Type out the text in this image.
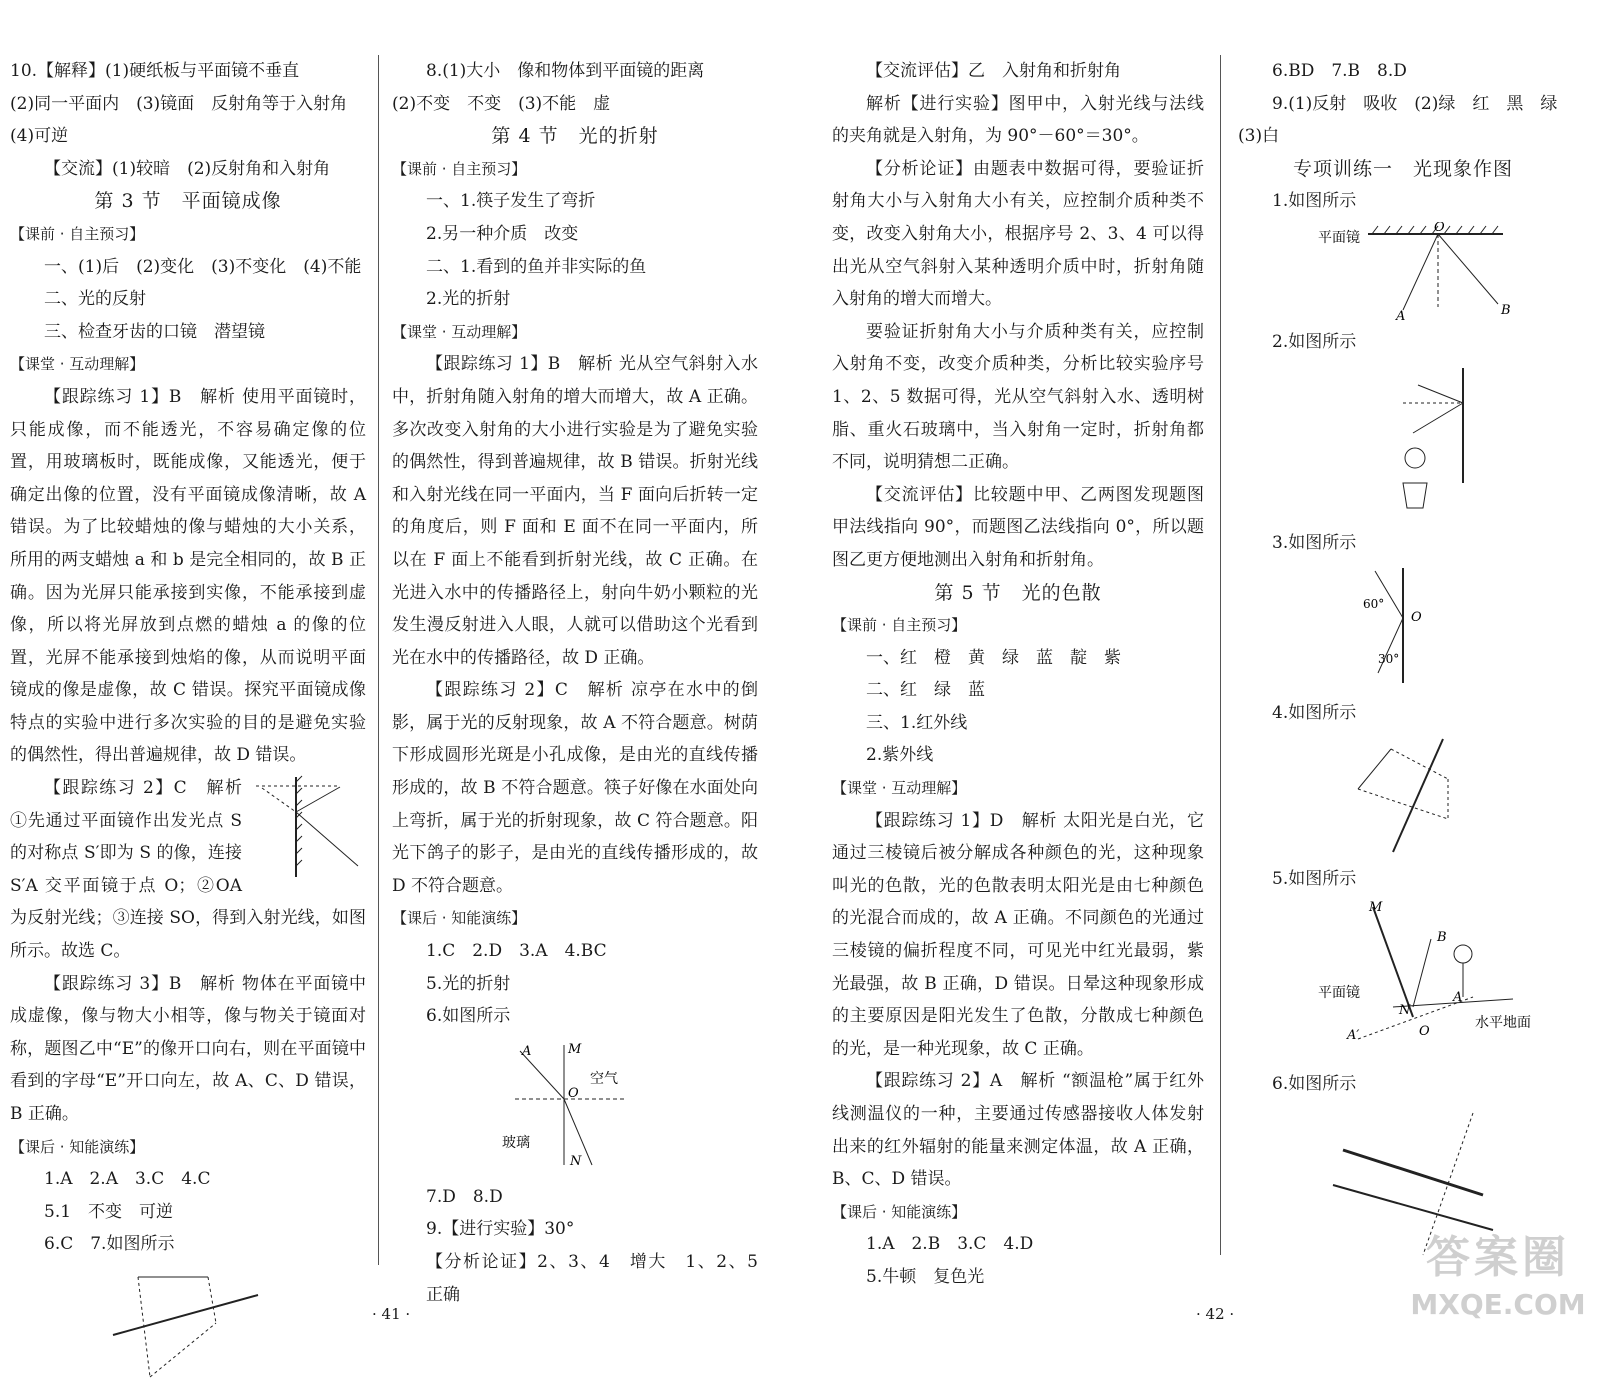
10.【解释】(1)硬纸板与平面镜不垂直

(2)同一平面内　(3)镜面　反射角等于入射角

(4)可逆

【交流】(1)较暗　(2)反射角和入射角

第 3 节　平面镜成像

【课前 · 自主预习】

一、(1)后　(2)变化　(3)不变化　(4)不能

二、光的反射

三、检查牙齿的口镜　潜望镜

【课堂 · 互动理解】

【跟踪练习 1】B　解析 使用平面镜时，只能成像，而不能透光，不容易确定像的位置，用玻璃板时，既能成像，又能透光，便于确定出像的位置，没有平面镜成像清晰，故 A 错误。为了比较蜡烛的像与蜡烛的大小关系，所用的两支蜡烛 a 和 b 是完全相同的，故 B 正确。因为光屏只能承接到实像，不能承接到虚像，所以将光屏放到点燃的蜡烛 a 的像的位置，光屏不能承接到烛焰的像，从而说明平面镜成的像是虚像，故 C 错误。探究平面镜成像特点的实验中进行多次实验的目的是避免实验的偶然性，得出普遍规律，故 D 错误。

【跟踪练习 2】C　解析 ①先通过平面镜作出发光点 S 的对称点 S′即为 S 的像，连接 S′A 交平面镜于点 O；②OA 为反射光线；③连接 SO，得到入射光线，如图所示。故选 C。

【跟踪练习 3】B　解析 物体在平面镜中成虚像，像与物大小相等，像与物关于镜面对称，题图乙中“E”的像开口向右，则在平面镜中看到的字母“E”开口向左，故 A、C、D 错误，B 正确。

【课后 · 知能演练】

1.A　2.A　3.C　4.C

5.1　不变　可逆

6.C　7.如图所示

8.(1)大小　像和物体到平面镜的距离

(2)不变　不变　(3)不能　虚

第 4 节　光的折射

【课前 · 自主预习】

一、1.筷子发生了弯折

2.另一种介质　改变

二、1.看到的鱼并非实际的鱼

2.光的折射

【课堂 · 互动理解】

【跟踪练习 1】B　解析 光从空气斜射入水中，折射角随入射角的增大而增大，故 A 正确。多次改变入射角的大小进行实验是为了避免实验的偶然性，得到普遍规律，故 B 错误。折射光线和入射光线在同一平面内，当 F 面向后折转一定的角度后，则 F 面和 E 面不在同一平面内，所以在 F 面上不能看到折射光线，故 C 正确。在光进入水中的传播路径上，射向牛奶小颗粒的光发生漫反射进入人眼，人就可以借助这个光看到光在水中的传播路径，故 D 正确。

【跟踪练习 2】C　解析 凉亭在水中的倒影，属于光的反射现象，故 A 不符合题意。树荫下形成圆形光斑是小孔成像，是由光的直线传播形成的，故 B 不符合题意。筷子好像在水面处向上弯折，属于光的折射现象，故 C 符合题意。阳光下鸽子的影子，是由光的直线传播形成的，故 D 不符合题意。

【课后 · 知能演练】

1.C　2.D　3.A　4.BC

5.光的折射

6.如图所示

A	M
O
空气
玻璃
N

7.D　8.D

9.【进行实验】30°

【分析论证】2、3、4　增大　1、2、5　正确

【交流评估】乙　入射角和折射角

解析【进行实验】图甲中，入射光线与法线的夹角就是入射角，为 90°－60°＝30°。

【分析论证】由题表中数据可得，要验证折射角大小与入射角大小有关，应控制介质种类不变，改变入射角大小，根据序号 2、3、4 可以得出光从空气斜射入某种透明介质中时，折射角随入射角的增大而增大。

要验证折射角大小与介质种类有关，应控制入射角不变，改变介质种类，分析比较实验序号 1、2、5 数据可得，光从空气斜射入水、透明树脂、重火石玻璃中，当入射角一定时，折射角都不同，说明猜想二正确。

【交流评估】比较题中甲、乙两图发现题图甲法线指向 90°，而题图乙法线指向 0°，所以题图乙更方便地测出入射角和折射角。

第 5 节　光的色散

【课前 · 自主预习】

一、红　橙　黄　绿　蓝　靛　紫

二、红　绿　蓝

三、1.红外线

2.紫外线

【课堂 · 互动理解】

【跟踪练习 1】D　解析 太阳光是白光，它通过三棱镜后被分解成各种颜色的光，这种现象叫光的色散，光的色散表明太阳光是由七种颜色的光混合而成的，故 A 正确。不同颜色的光通过三棱镜的偏折程度不同，可见光中红光最弱，紫光最强，故 B 正确，D 错误。日晕这种现象形成的主要原因是阳光发生了色散，分散成七种颜色的光，是一种光现象，故 C 正确。

【跟踪练习 2】A　解析 “额温枪”属于红外线测温仪的一种，主要通过传感器接收人体发射出来的红外辐射的能量来测定体温，故 A 正确，B、C、D 错误。

【课后 · 知能演练】

1.A　2.B　3.C　4.D

5.牛顿　复色光

6.BD　7.B　8.D

9.(1)反射　吸收　(2)绿　红　黑　绿

(3)白

专项训练一　光现象作图

1.如图所示

平面镜
O
A	B

2.如图所示

3.如图所示

60°
30°
O

4.如图所示

5.如图所示

M
B
平面镜
N
A
A′	O
水平地面

6.如图所示

· 41 ·	· 42 ·
答案圈
MXQE.COM
